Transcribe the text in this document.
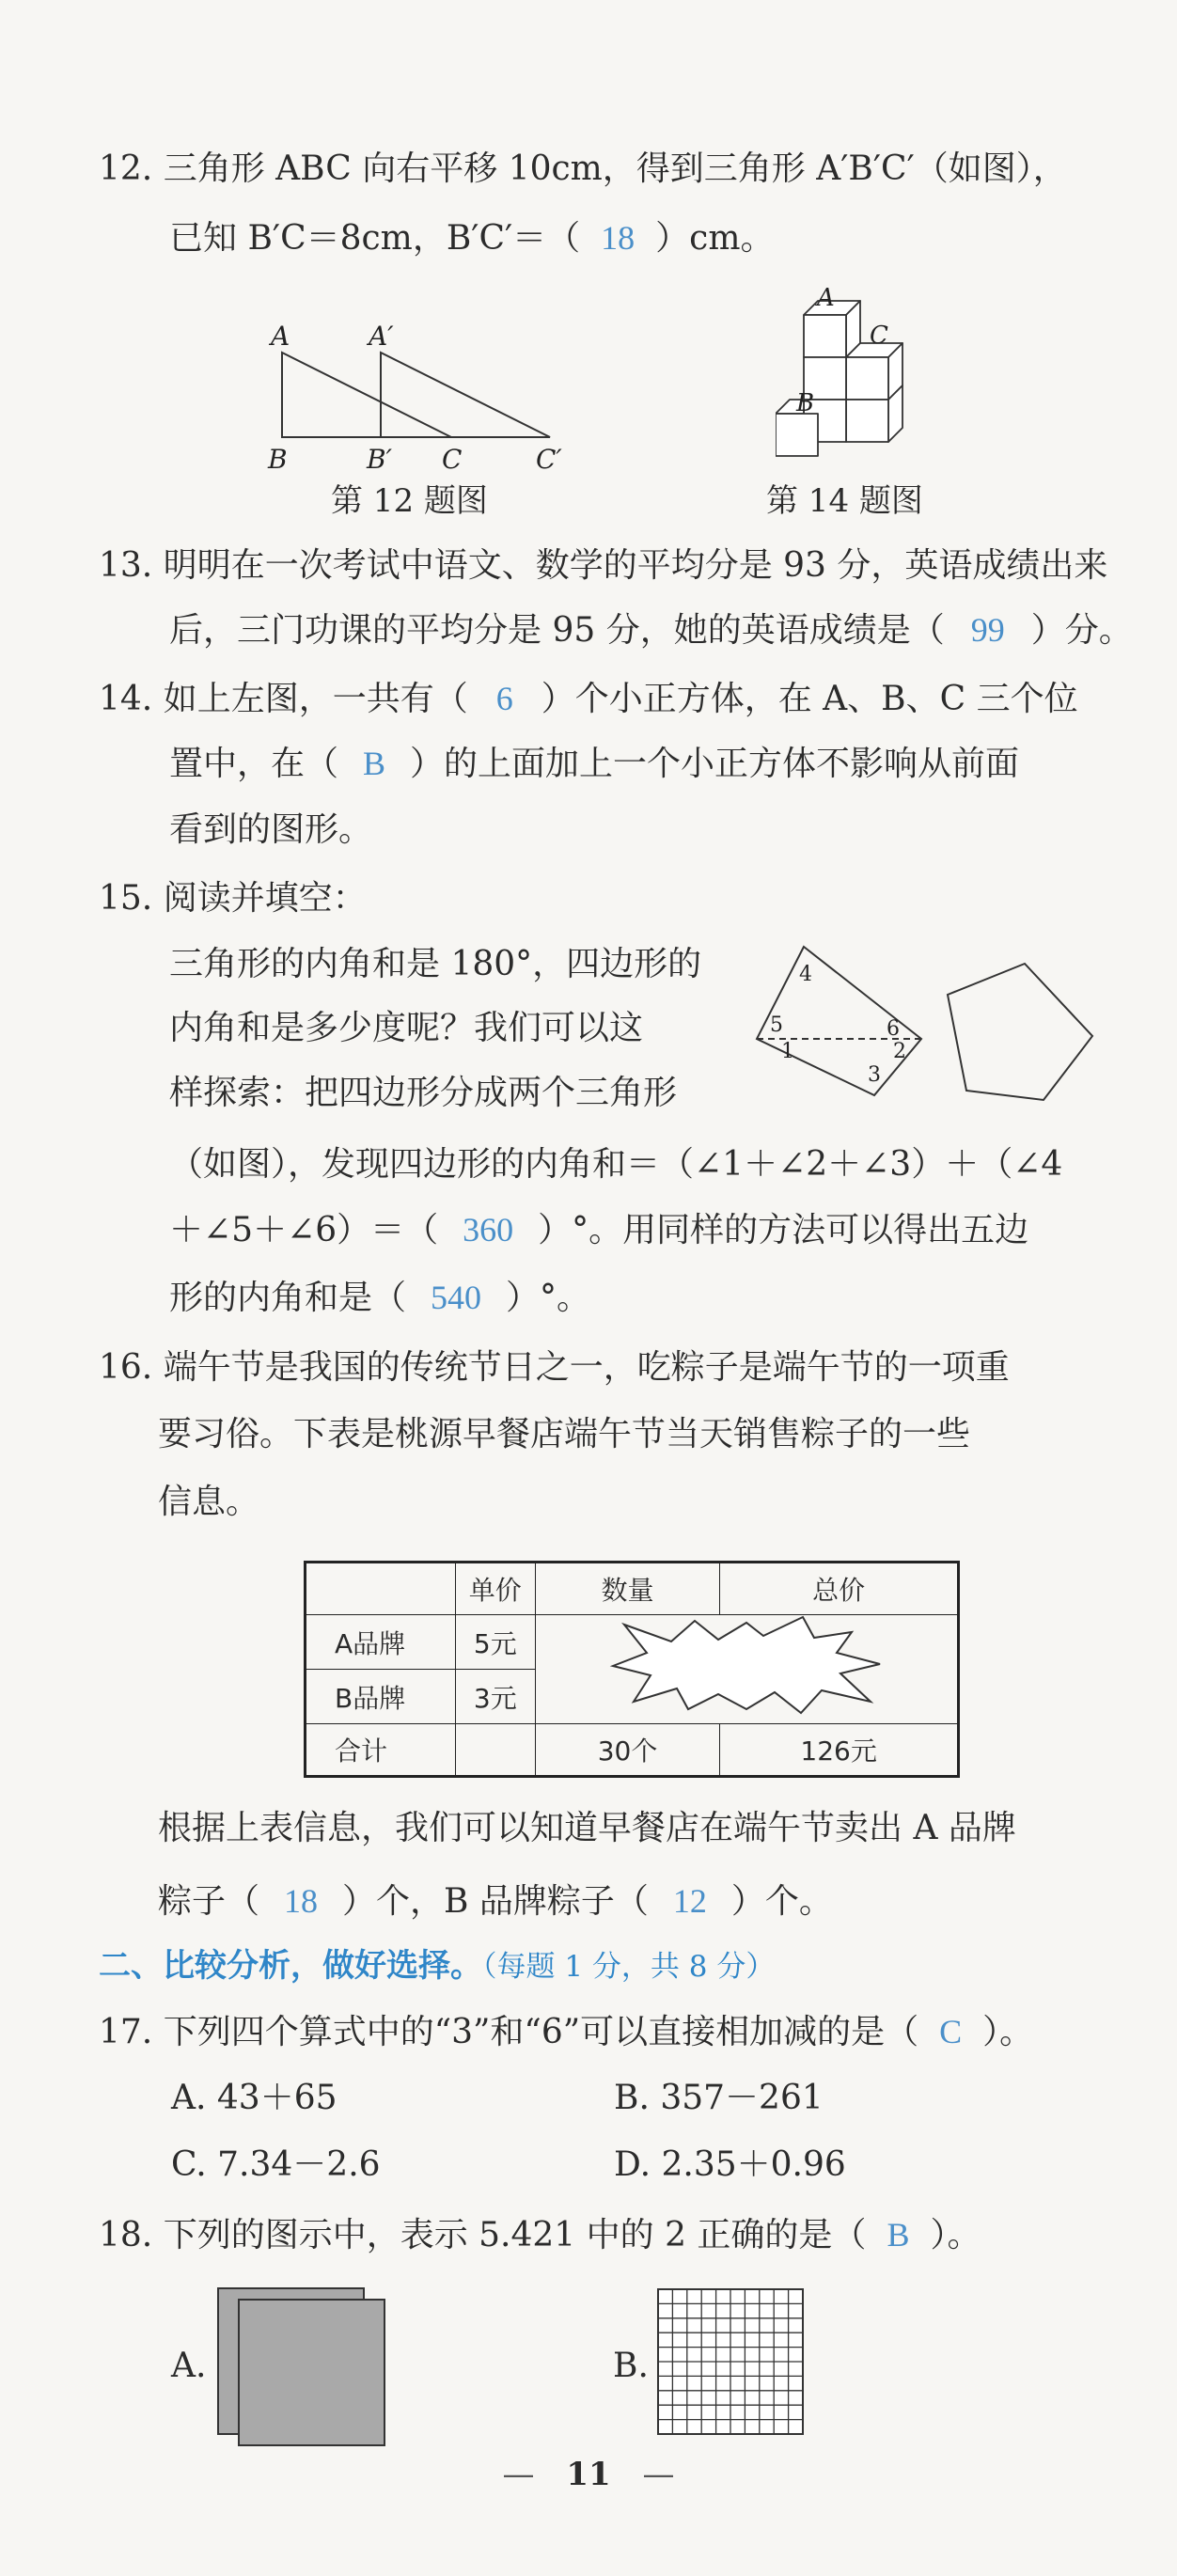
12. 三角形 ABC 向右平移 10cm，得到三角形 A′B′C′（如图），
已知 B′C＝8cm，B′C′＝（ 18 ）cm。
A	A′
B	B′ C	C′
第 12 题图
A
C
B
第 14 题图
13. 明明在一次考试中语文、数学的平均分是 93 分，英语成绩出来
后，三门功课的平均分是 95 分，她的英语成绩是（ 99 ）分。
14. 如上左图，一共有（ 6 ）个小正方体，在 A、B、C 三个位
置中，在（ B ）的上面加上一个小正方体不影响从前面
看到的图形。
15. 阅读并填空：
三角形的内角和是 180°，四边形的
内角和是多少度呢？我们可以这
样探索：把四边形分成两个三角形
（如图），发现四边形的内角和＝（∠1＋∠2＋∠3）＋（∠4
＋∠5＋∠6）＝（ 360 ）°。用同样的方法可以得出五边
形的内角和是（ 540 ）°。
4
5	6
1	2
3
16. 端午节是我国的传统节日之一，吃粽子是端午节的一项重
要习俗。下表是桃源早餐店端午节当天销售粽子的一些
信息。
	单价	数量	总价
A品牌	5元	
B品牌	3元		
合计		30个	126元
根据上表信息，我们可以知道早餐店在端午节卖出 A 品牌
粽子（ 18 ）个，B 品牌粽子（ 12 ）个。
二、比较分析，做好选择。（每题 1 分，共 8 分）
17. 下列四个算式中的“3”和“6”可以直接相加减的是（ C ）。
A. 43＋65	B. 357－261
C. 7.34－2.6	D. 2.35＋0.96
18. 下列的图示中，表示 5.421 中的 2 正确的是（ B ）。
A.	B.
— 11 —
